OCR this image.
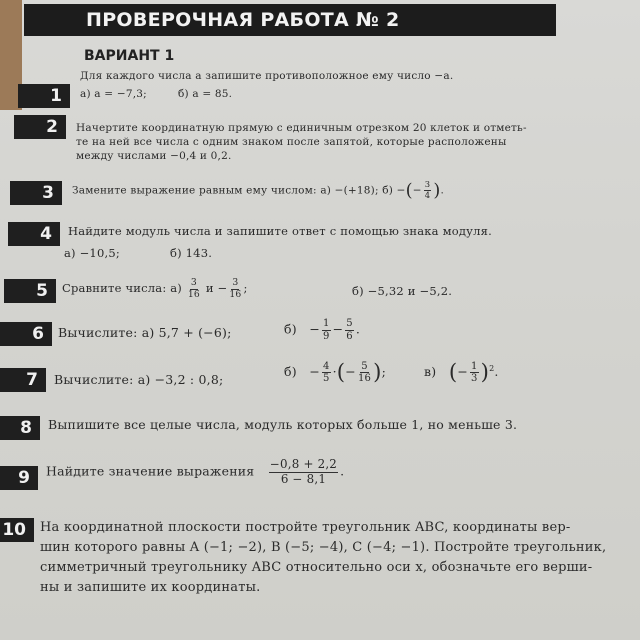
ПРОВЕРОЧНАЯ РАБОТА № 2
ВАРИАНТ 1
1
Для каждого числа a запишите противоположное ему число −a.
а) a = −7,3;	б) a = 85.
2	Начертите координатную прямую с единичным отрезком 20 клеток и отметь-
те на ней все числа с одним знаком после запятой, которые расположены
между числами −0,4 и 0,2.
3	Замените выражение равным ему числом: а) −(+18); б) −(− $\frac{3}{4}$ ).
4	Найдите модуль числа и запишите ответ с помощью знака модуля.
а) −10,5;	б) 143.
5	Сравните числа: $а) \frac{3}{16}$ $и - \frac{3}{16}$ ;	б) −5,32 и −5,2.
6	Вычислите: а) 5,7 + (−6);	$б) - \frac{1}{9} - \frac{5}{6}$ .
7	Вычислите: а) −3,2 : 0,8;
$б) - \frac{4}{5}$ ·(− $\frac{5}{16}$ );	в) (− $\frac{1}{3} )^2$.
8	Выпишите все целые числа, модуль которых больше 1, но меньше 3.
9	Найдите значение выражения $\frac{-0,8 + 2,2}{6 - 8,1}$ .
10	На координатной плоскости постройте треугольник ABC, координаты вер-
шин которого равны A (−1; −2), B (−5; −4), C (−4; −1). Постройте треугольник,
симметричный треугольнику ABC относительно оси x, обозначьте его верши-
ны и запишите их координаты.
